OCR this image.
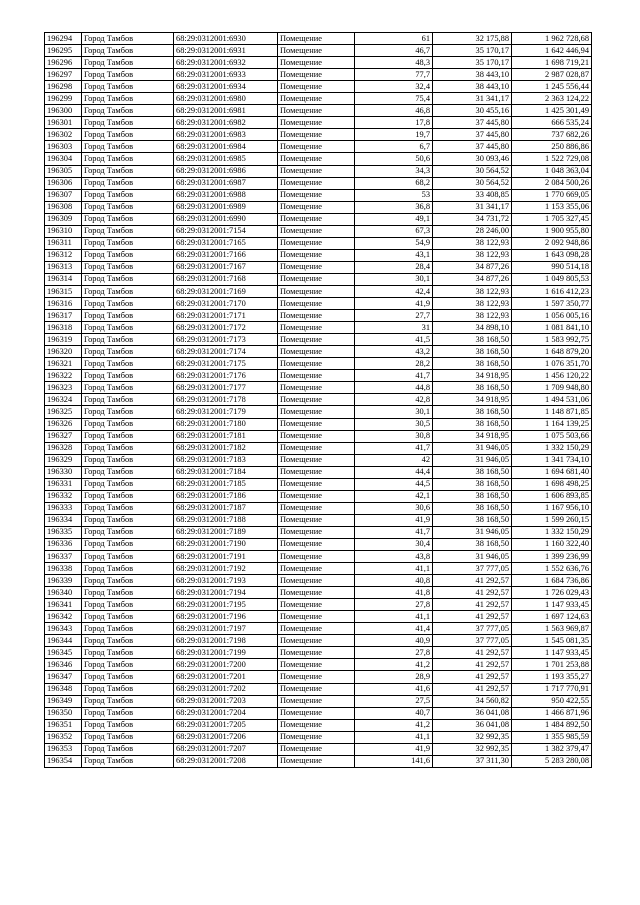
196294	Город Тамбов	68:29:0312001:6930	Помещение	61	32 175,88	1 962 728,68
196295	Город Тамбов	68:29:0312001:6931	Помещение	46,7	35 170,17	1 642 446,94
196296	Город Тамбов	68:29:0312001:6932	Помещение	48,3	35 170,17	1 698 719,21
196297	Город Тамбов	68:29:0312001:6933	Помещение	77,7	38 443,10	2 987 028,87
196298	Город Тамбов	68:29:0312001:6934	Помещение	32,4	38 443,10	1 245 556,44
196299	Город Тамбов	68:29:0312001:6980	Помещение	75,4	31 341,17	2 363 124,22
196300	Город Тамбов	68:29:0312001:6981	Помещение	46,8	30 455,16	1 425 301,49
196301	Город Тамбов	68:29:0312001:6982	Помещение	17,8	37 445,80	666 535,24
196302	Город Тамбов	68:29:0312001:6983	Помещение	19,7	37 445,80	737 682,26
196303	Город Тамбов	68:29:0312001:6984	Помещение	6,7	37 445,80	250 886,86
196304	Город Тамбов	68:29:0312001:6985	Помещение	50,6	30 093,46	1 522 729,08
196305	Город Тамбов	68:29:0312001:6986	Помещение	34,3	30 564,52	1 048 363,04
196306	Город Тамбов	68:29:0312001:6987	Помещение	68,2	30 564,52	2 084 500,26
196307	Город Тамбов	68:29:0312001:6988	Помещение	53	33 408,85	1 770 669,05
196308	Город Тамбов	68:29:0312001:6989	Помещение	36,8	31 341,17	1 153 355,06
196309	Город Тамбов	68:29:0312001:6990	Помещение	49,1	34 731,72	1 705 327,45
196310	Город Тамбов	68:29:0312001:7154	Помещение	67,3	28 246,00	1 900 955,80
196311	Город Тамбов	68:29:0312001:7165	Помещение	54,9	38 122,93	2 092 948,86
196312	Город Тамбов	68:29:0312001:7166	Помещение	43,1	38 122,93	1 643 098,28
196313	Город Тамбов	68:29:0312001:7167	Помещение	28,4	34 877,26	990 514,18
196314	Город Тамбов	68:29:0312001:7168	Помещение	30,1	34 877,26	1 049 805,53
196315	Город Тамбов	68:29:0312001:7169	Помещение	42,4	38 122,93	1 616 412,23
196316	Город Тамбов	68:29:0312001:7170	Помещение	41,9	38 122,93	1 597 350,77
196317	Город Тамбов	68:29:0312001:7171	Помещение	27,7	38 122,93	1 056 005,16
196318	Город Тамбов	68:29:0312001:7172	Помещение	31	34 898,10	1 081 841,10
196319	Город Тамбов	68:29:0312001:7173	Помещение	41,5	38 168,50	1 583 992,75
196320	Город Тамбов	68:29:0312001:7174	Помещение	43,2	38 168,50	1 648 879,20
196321	Город Тамбов	68:29:0312001:7175	Помещение	28,2	38 168,50	1 076 351,70
196322	Город Тамбов	68:29:0312001:7176	Помещение	41,7	34 918,95	1 456 120,22
196323	Город Тамбов	68:29:0312001:7177	Помещение	44,8	38 168,50	1 709 948,80
196324	Город Тамбов	68:29:0312001:7178	Помещение	42,8	34 918,95	1 494 531,06
196325	Город Тамбов	68:29:0312001:7179	Помещение	30,1	38 168,50	1 148 871,85
196326	Город Тамбов	68:29:0312001:7180	Помещение	30,5	38 168,50	1 164 139,25
196327	Город Тамбов	68:29:0312001:7181	Помещение	30,8	34 918,95	1 075 503,66
196328	Город Тамбов	68:29:0312001:7182	Помещение	41,7	31 946,05	1 332 150,29
196329	Город Тамбов	68:29:0312001:7183	Помещение	42	31 946,05	1 341 734,10
196330	Город Тамбов	68:29:0312001:7184	Помещение	44,4	38 168,50	1 694 681,40
196331	Город Тамбов	68:29:0312001:7185	Помещение	44,5	38 168,50	1 698 498,25
196332	Город Тамбов	68:29:0312001:7186	Помещение	42,1	38 168,50	1 606 893,85
196333	Город Тамбов	68:29:0312001:7187	Помещение	30,6	38 168,50	1 167 956,10
196334	Город Тамбов	68:29:0312001:7188	Помещение	41,9	38 168,50	1 599 260,15
196335	Город Тамбов	68:29:0312001:7189	Помещение	41,7	31 946,05	1 332 150,29
196336	Город Тамбов	68:29:0312001:7190	Помещение	30,4	38 168,50	1 160 322,40
196337	Город Тамбов	68:29:0312001:7191	Помещение	43,8	31 946,05	1 399 236,99
196338	Город Тамбов	68:29:0312001:7192	Помещение	41,1	37 777,05	1 552 636,76
196339	Город Тамбов	68:29:0312001:7193	Помещение	40,8	41 292,57	1 684 736,86
196340	Город Тамбов	68:29:0312001:7194	Помещение	41,8	41 292,57	1 726 029,43
196341	Город Тамбов	68:29:0312001:7195	Помещение	27,8	41 292,57	1 147 933,45
196342	Город Тамбов	68:29:0312001:7196	Помещение	41,1	41 292,57	1 697 124,63
196343	Город Тамбов	68:29:0312001:7197	Помещение	41,4	37 777,05	1 563 969,87
196344	Город Тамбов	68:29:0312001:7198	Помещение	40,9	37 777,05	1 545 081,35
196345	Город Тамбов	68:29:0312001:7199	Помещение	27,8	41 292,57	1 147 933,45
196346	Город Тамбов	68:29:0312001:7200	Помещение	41,2	41 292,57	1 701 253,88
196347	Город Тамбов	68:29:0312001:7201	Помещение	28,9	41 292,57	1 193 355,27
196348	Город Тамбов	68:29:0312001:7202	Помещение	41,6	41 292,57	1 717 770,91
196349	Город Тамбов	68:29:0312001:7203	Помещение	27,5	34 560,82	950 422,55
196350	Город Тамбов	68:29:0312001:7204	Помещение	40,7	36 041,08	1 466 871,96
196351	Город Тамбов	68:29:0312001:7205	Помещение	41,2	36 041,08	1 484 892,50
196352	Город Тамбов	68:29:0312001:7206	Помещение	41,1	32 992,35	1 355 985,59
196353	Город Тамбов	68:29:0312001:7207	Помещение	41,9	32 992,35	1 382 379,47
196354	Город Тамбов	68:29:0312001:7208	Помещение	141,6	37 311,30	5 283 280,08
